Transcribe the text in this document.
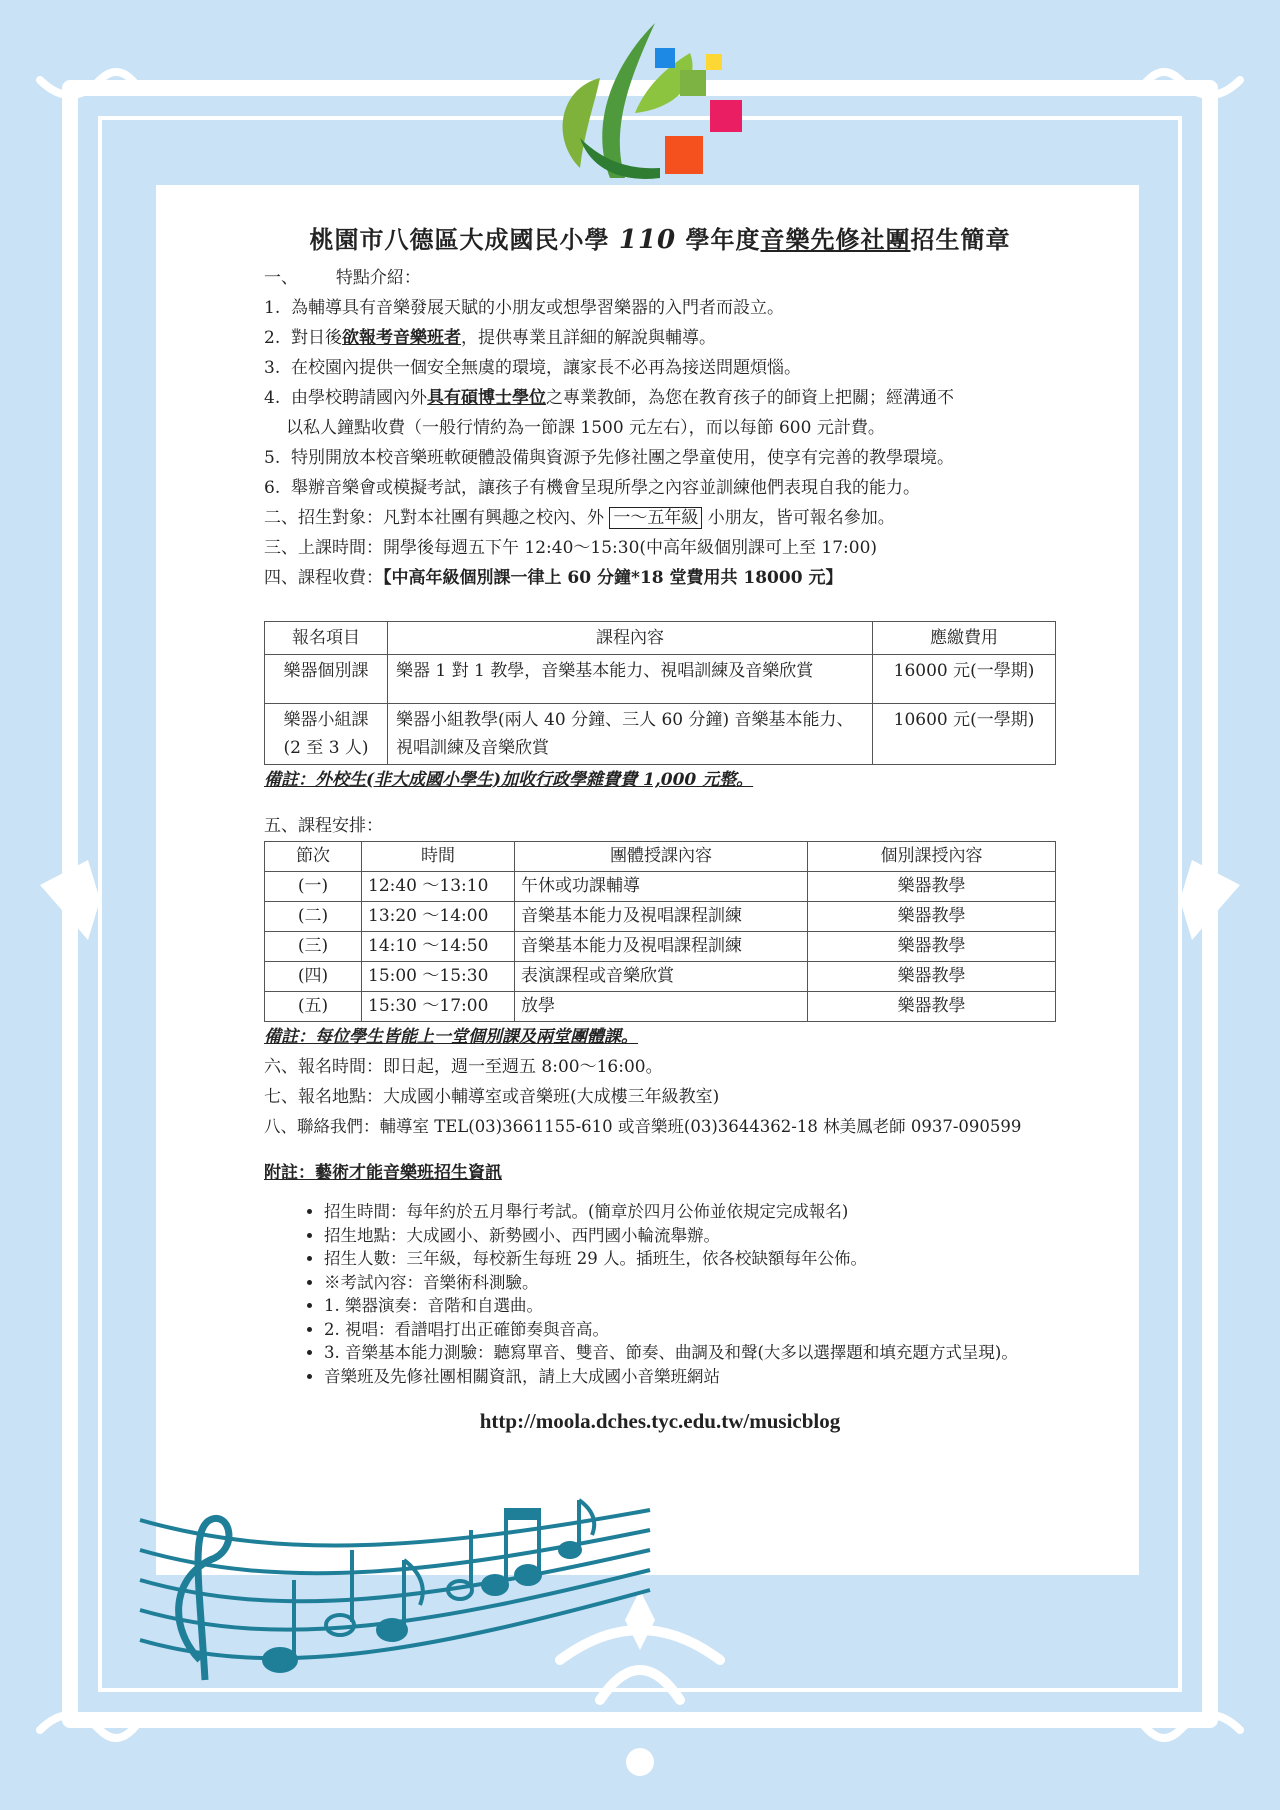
桃園市八德區大成國民小學 110 學年度音樂先修社團招生簡章
一、       特點介紹：
1. 為輔導具有音樂發展天賦的小朋友或想學習樂器的入門者而設立。
2. 對日後欲報考音樂班者，提供專業且詳細的解說與輔導。
3. 在校園內提供一個安全無虞的環境，讓家長不必再為接送問題煩惱。
4. 由學校聘請國內外具有碩博士學位之專業教師，為您在教育孩子的師資上把關；經溝通不
以私人鐘點收費（一般行情約為一節課 1500 元左右），而以每節 600 元計費。
5. 特別開放本校音樂班軟硬體設備與資源予先修社團之學童使用，使享有完善的教學環境。
6. 舉辦音樂會或模擬考試，讓孩子有機會呈現所學之內容並訓練他們表現自我的能力。
二、招生對象：凡對本社團有興趣之校內、外 一～五年級 小朋友，皆可報名參加。
三、上課時間：開學後每週五下午 12:40～15:30(中高年級個別課可上至 17:00)
四、課程收費：【中高年級個別課一律上 60 分鐘*18 堂費用共 18000 元】
報名項目	課程內容	應繳費用
樂器個別課	樂器 1 對 1 教學，音樂基本能力、視唱訓練及音樂欣賞	16000 元(一學期)

樂器小組課
(2 至 3 人)	樂器小組教學(兩人 40 分鐘、三人 60 分鐘) 音樂基本能力、視唱訓練及音樂欣賞	10600 元(一學期)
備註：外校生(非大成國小學生)加收行政學雜費費 1,000 元整。
五、課程安排：
節次	時間	團體授課內容	個別課授內容
(一)	12:40 ～13:10	午休或功課輔導	樂器教學
(二)	13:20 ～14:00	音樂基本能力及視唱課程訓練	樂器教學
(三)	14:10 ～14:50	音樂基本能力及視唱課程訓練	樂器教學
(四)	15:00 ～15:30	表演課程或音樂欣賞	樂器教學
(五)	15:30 ～17:00	放學	樂器教學
備註：每位學生皆能上一堂個別課及兩堂團體課。
六、報名時間：即日起，週一至週五 8:00～16:00。
七、報名地點：大成國小輔導室或音樂班(大成樓三年級教室)
八、聯絡我們：輔導室 TEL(03)3661155-610 或音樂班(03)3644362-18 林美鳳老師 0937-090599
附註：藝術才能音樂班招生資訊
• 招生時間：每年約於五月舉行考試。(簡章於四月公佈並依規定完成報名)
• 招生地點：大成國小、新勢國小、西門國小輪流舉辦。
• 招生人數：三年級，每校新生每班 29 人。插班生，依各校缺額每年公佈。
• ※考試內容：音樂術科測驗。
• 1. 樂器演奏：音階和自選曲。
• 2. 視唱：看譜唱打出正確節奏與音高。
• 3. 音樂基本能力測驗：聽寫單音、雙音、節奏、曲調及和聲(大多以選擇題和填充題方式呈現)。
• 音樂班及先修社團相關資訊，請上大成國小音樂班網站
http://moola.dches.tyc.edu.tw/musicblog
